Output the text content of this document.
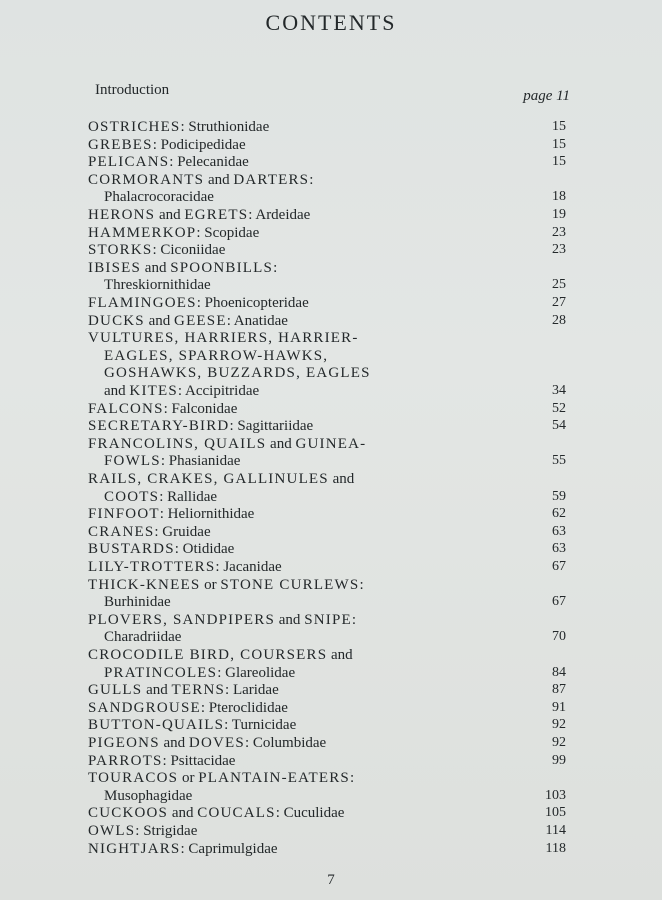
CONTENTS
Introduction	page 11
OSTRICHES: Struthionidae	15
GREBES: Podicipedidae	15
PELICANS: Pelecanidae	15
CORMORANTS and DARTERS:
Phalacrocoracidae	18
HERONS and EGRETS: Ardeidae	19
HAMMERKOP: Scopidae	23
STORKS: Ciconiidae	23
IBISES and SPOONBILLS:
Threskiornithidae	25
FLAMINGOES: Phoenicopteridae	27
DUCKS and GEESE: Anatidae	28
VULTURES, HARRIERS, HARRIER-
EAGLES, SPARROW-HAWKS,
GOSHAWKS, BUZZARDS, EAGLES
and KITES: Accipitridae	34
FALCONS: Falconidae	52
SECRETARY-BIRD: Sagittariidae	54
FRANCOLINS, QUAILS and GUINEA-
FOWLS: Phasianidae	55
RAILS, CRAKES, GALLINULES and
COOTS: Rallidae	59
FINFOOT: Heliornithidae	62
CRANES: Gruidae	63
BUSTARDS: Otididae	63
LILY-TROTTERS: Jacanidae	67
THICK-KNEES or STONE CURLEWS:
Burhinidae	67
PLOVERS, SANDPIPERS and SNIPE:
Charadriidae	70
CROCODILE BIRD, COURSERS and
PRATINCOLES: Glareolidae	84
GULLS and TERNS: Laridae	87
SANDGROUSE: Pteroclididae	91
BUTTON-QUAILS: Turnicidae	92
PIGEONS and DOVES: Columbidae	92
PARROTS: Psittacidae	99
TOURACOS or PLANTAIN-EATERS:
Musophagidae	103
CUCKOOS and COUCALS: Cuculidae	105
OWLS: Strigidae	114
NIGHTJARS: Caprimulgidae	118
7
